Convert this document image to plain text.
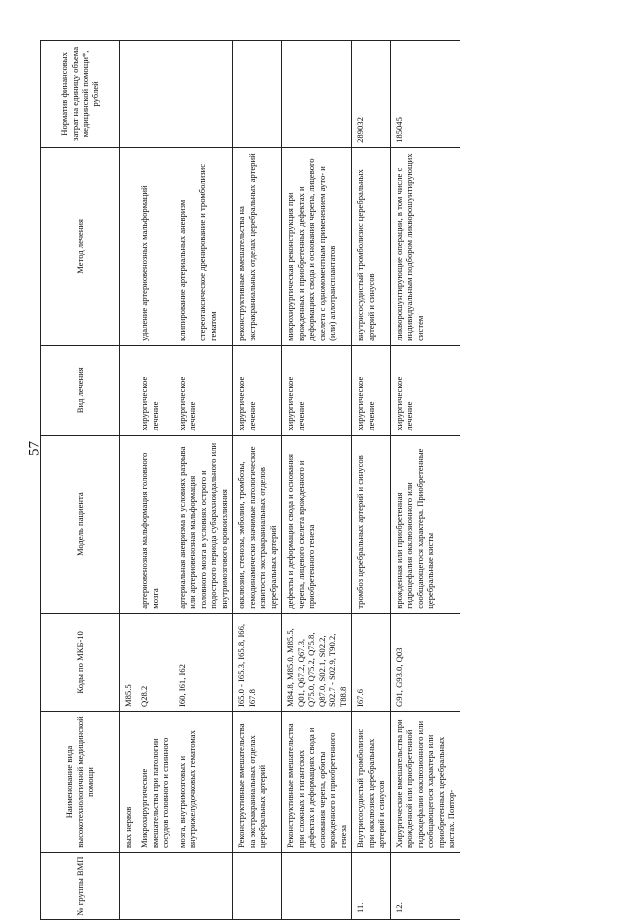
57
№ группы ВМП	Наименование вида высокотехнологичной медицинской помощи	Коды по МКБ-10	Модель пациента	Вид лечения	Метод лечения	Норматив финансовых затрат на единицу объема медицинской помощи*, рублей
	вых нервов	M85.5				
	Микрохирургические вмешательства при патологии сосудов головного и спинного	Q28.2	артериовенозная мальформация головного мозга	хирургическое лечение	удаление артериовенозных мальформаций	
	мозга, внутримозговых и внутрижелудочковых гематомах	I60, I61, I62	артериальная аневризма в условиях разрыва или артериовенозная мальформация головного мозга в условиях острого и подострого периода субарахноидального или внутримозгового кровоизлияния	хирургическое лечение	клипирование артериальных аневризм стереотаксическое дренирование и тромболизис гематом	

	Реконструктивные вмешательства на экстракраниальных отделах церебральных артерий	I65.0 - I65.3, I65.8, I66, I67.8	окклюзии, стенозы, эмболии, тромбозы, гемодинамически значимые патологические извитости экстракраниальных отделов церебральных артерий	хирургическое лечение	реконструктивные вмешательства на экстракраниальных отделах церебральных артерий	
	Реконструктивные вмешательства при сложных и гигантских дефектах и деформациях свода и основания черепа, орбиты врожденного и приобретенного генеза	M84.8, M85.0, M85.5, Q01, Q67.2, Q67.3, Q75.0, Q75.2, Q75.8, Q87.0, S02.1, S02.2, S02.7 - S02.9, T90.2, T88.8	дефекты и деформации свода и основания черепа, лицевого скелета врожденного и приобретенного генеза	хирургическое лечение	микрохирургическая реконструкция при врожденных и приобретенных дефектах и деформациях свода и основания черепа, лицевого скелета с одномоментным применением ауто- и (или) аллотрансплантатов	
11.	Внутрисосудистый тромболизис при окклюзиях церебральных артерий и синусов	I67.6	тромбоз церебральных артерий и синусов	хирургическое лечение	внутрисосудистый тромболизис церебральных артерий и синусов	289032
12.	Хирургические вмешательства при врожденной или приобретенной гидроцефалии окклюзионного или сообщающегося характера или приобретенных церебральных кистах. Повтор-	G91, G93.0, Q03	врожденная или приобретенная гидроцефалия окклюзионного или сообщающегося характера. Приобретенные церебральные кисты	хирургическое лечение	ликворошунтирующие операции, в том числе с индивидуальным подбором ликворошунтирующих систем	185045
